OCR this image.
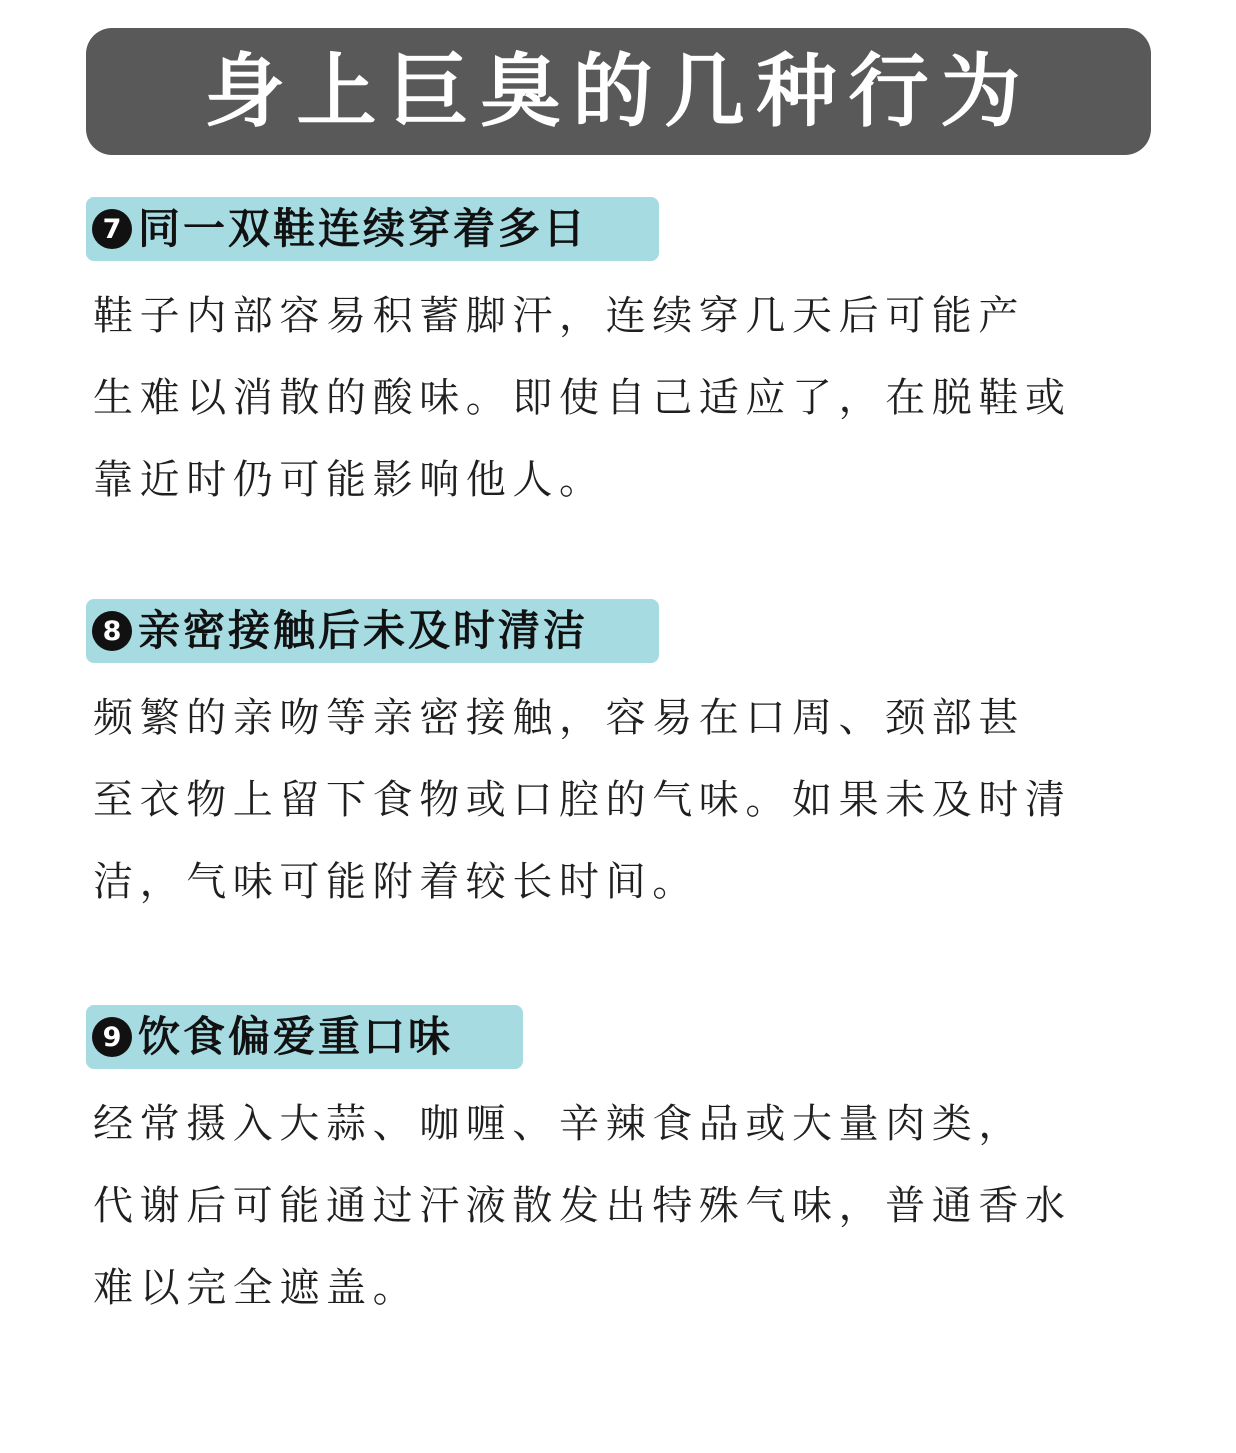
身上巨臭的几种行为
7 同一双鞋连续穿着多日

鞋子内部容易积蓄脚汗，连续穿几天后可能产
生难以消散的酸味。即使自己适应了，在脱鞋或
靠近时仍可能影响他人。

8 亲密接触后未及时清洁

频繁的亲吻等亲密接触，容易在口周、颈部甚
至衣物上留下食物或口腔的气味。如果未及时清
洁，气味可能附着较长时间。

9 饮食偏爱重口味

经常摄入大蒜、咖喱、辛辣食品或大量肉类，
代谢后可能通过汗液散发出特殊气味，普通香水
难以完全遮盖。
